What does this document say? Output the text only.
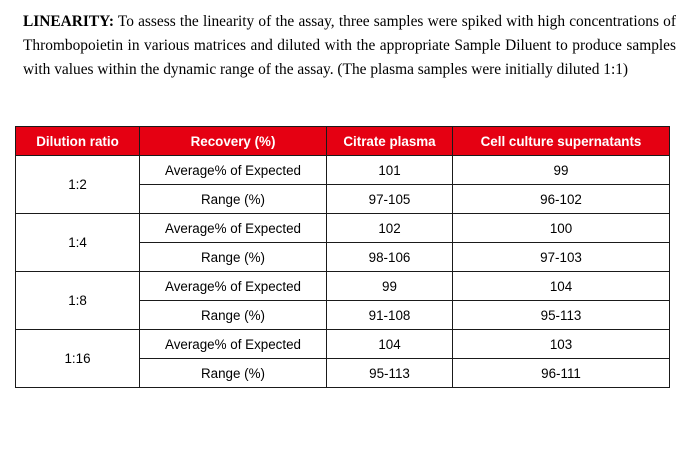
LINEARITY: To assess the linearity of the assay, three samples were spiked with high concentrations of Thrombopoietin in various matrices and diluted with the appropriate Sample Diluent to produce samples with values within the dynamic range of the assay. (The plasma samples were initially diluted 1:1)
Dilution ratio	Recovery (%)	Citrate plasma	Cell culture supernatants
1:2	Average% of Expected	101	99
	Range (%)	97-105	96-102
1:4	Average% of Expected	102	100
	Range (%)	98-106	97-103
1:8	Average% of Expected	99	104
	Range (%)	91-108	95-113
1:16	Average% of Expected	104	103
	Range (%)	95-113	96-111
